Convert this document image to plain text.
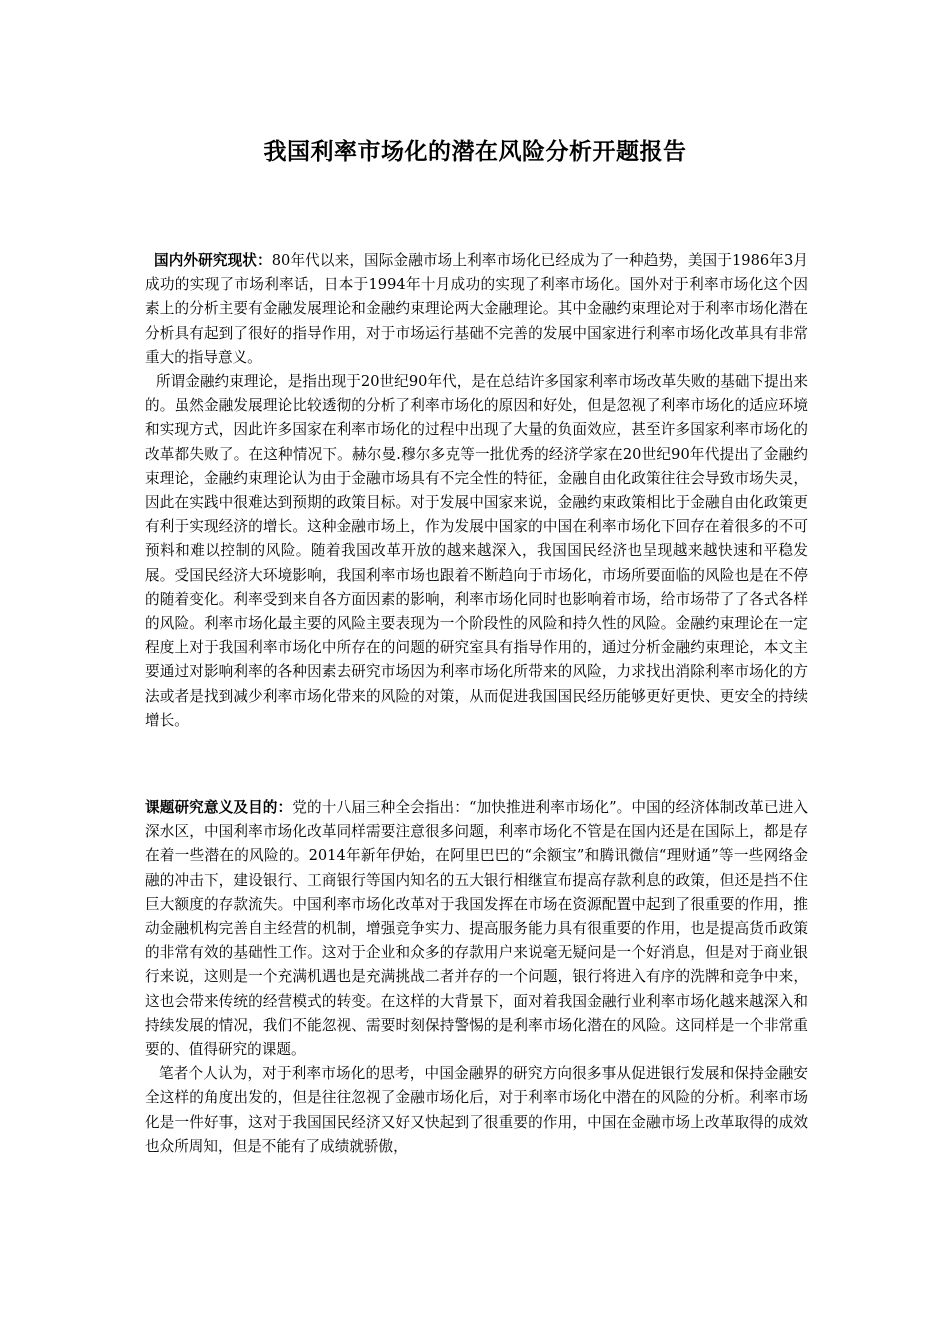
我国利率市场化的潜在风险分析开题报告

国内外研究现状：80年代以来，国际金融市场上利率市场化已经成为了一种趋势，美国于1986年3月成功的实现了市场利率话，日本于1994年十月成功的实现了利率市场化。国外对于利率市场化这个因素上的分析主要有金融发展理论和金融约束理论两大金融理论。其中金融约束理论对于利率市场化潜在分析具有起到了很好的指导作用，对于市场运行基础不完善的发展中国家进行利率市场化改革具有非常重大的指导意义。

所谓金融约束理论，是指出现于20世纪90年代，是在总结许多国家利率市场改革失败的基础下提出来的。虽然金融发展理论比较透彻的分析了利率市场化的原因和好处，但是忽视了利率市场化的适应环境和实现方式，因此许多国家在利率市场化的过程中出现了大量的负面效应，甚至许多国家利率市场化的改革都失败了。在这种情况下。赫尔曼.穆尔多克等一批优秀的经济学家在20世纪90年代提出了金融约束理论，金融约束理论认为由于金融市场具有不完全性的特征，金融自由化政策往往会导致市场失灵，因此在实践中很难达到预期的政策目标。对于发展中国家来说，金融约束政策相比于金融自由化政策更有利于实现经济的增长。这种金融市场上，作为发展中国家的中国在利率市场化下回存在着很多的不可预料和难以控制的风险。随着我国改革开放的越来越深入，我国国民经济也呈现越来越快速和平稳发展。受国民经济大环境影响，我国利率市场也跟着不断趋向于市场化，市场所要面临的风险也是在不停的随着变化。利率受到来自各方面因素的影响，利率市场化同时也影响着市场，给市场带了了各式各样的风险。利率市场化最主要的风险主要表现为一个阶段性的风险和持久性的风险。金融约束理论在一定程度上对于我国利率市场化中所存在的问题的研究室具有指导作用的，通过分析金融约束理论，本文主要通过对影响利率的各种因素去研究市场因为利率市场化所带来的风险，力求找出消除利率市场化的方法或者是找到减少利率市场化带来的风险的对策，从而促进我国国民经历能够更好更快、更安全的持续增长。

课题研究意义及目的：党的十八届三种全会指出：“加快推进利率市场化”。中国的经济体制改革已进入深水区，中国利率市场化改革同样需要注意很多问题，利率市场化不管是在国内还是在国际上，都是存在着一些潜在的风险的。2014年新年伊始，在阿里巴巴的“余额宝”和腾讯微信“理财通”等一些网络金融的冲击下，建设银行、工商银行等国内知名的五大银行相继宣布提高存款利息的政策，但还是挡不住巨大额度的存款流失。中国利率市场化改革对于我国发挥在市场在资源配置中起到了很重要的作用，推动金融机构完善自主经营的机制，增强竞争实力、提高服务能力具有很重要的作用，也是提高货币政策的非常有效的基础性工作。这对于企业和众多的存款用户来说毫无疑问是一个好消息，但是对于商业银行来说，这则是一个充满机遇也是充满挑战二者并存的一个问题，银行将进入有序的洗牌和竞争中来，这也会带来传统的经营模式的转变。在这样的大背景下，面对着我国金融行业利率市场化越来越深入和持续发展的情况，我们不能忽视、需要时刻保持警惕的是利率市场化潜在的风险。这同样是一个非常重要的、值得研究的课题。

笔者个人认为，对于利率市场化的思考，中国金融界的研究方向很多事从促进银行发展和保持金融安全这样的角度出发的，但是往往忽视了金融市场化后，对于利率市场化中潜在的风险的分析。利率市场化是一件好事，这对于我国国民经济又好又快起到了很重要的作用，中国在金融市场上改革取得的成效也众所周知，但是不能有了成绩就骄傲，
